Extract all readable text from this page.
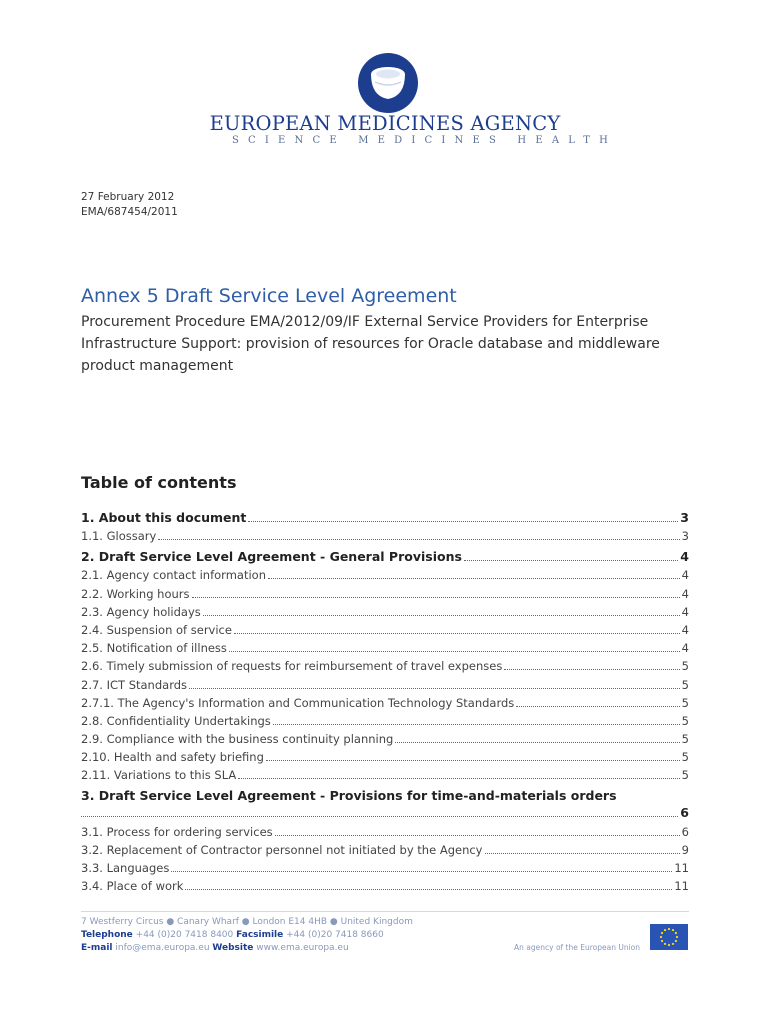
EUROPEAN MEDICINES AGENCY
SCIENCE MEDICINES HEALTH
27 February 2012
EMA/687454/2011
Annex 5 Draft Service Level Agreement
Procurement Procedure EMA/2012/09/IF External Service Providers for Enterprise Infrastructure Support: provision of resources for Oracle database and middleware product management
Table of contents
1. About this document	3
1.1. Glossary	3
2. Draft Service Level Agreement - General Provisions	4
2.1. Agency contact information	4
2.2. Working hours	4
2.3. Agency holidays	4
2.4. Suspension of service	4
2.5. Notification of illness	4
2.6. Timely submission of requests for reimbursement of travel expenses	5
2.7. ICT Standards	5
2.7.1. The Agency's Information and Communication Technology Standards	5
2.8. Confidentiality Undertakings	5
2.9. Compliance with the business continuity planning	5
2.10. Health and safety briefing	5
2.11. Variations to this SLA	5
3. Draft Service Level Agreement - Provisions for time-and-materials orders
6
3.1. Process for ordering services	6
3.2. Replacement of Contractor personnel not initiated by the Agency	9
3.3. Languages	11
3.4. Place of work	11
7 Westferry Circus ● Canary Wharf ● London E14 4HB ● United Kingdom
Telephone +44 (0)20 7418 8400 Facsimile +44 (0)20 7418 8660
E-mail info@ema.europa.eu Website www.ema.europa.eu	An agency of the European Union
